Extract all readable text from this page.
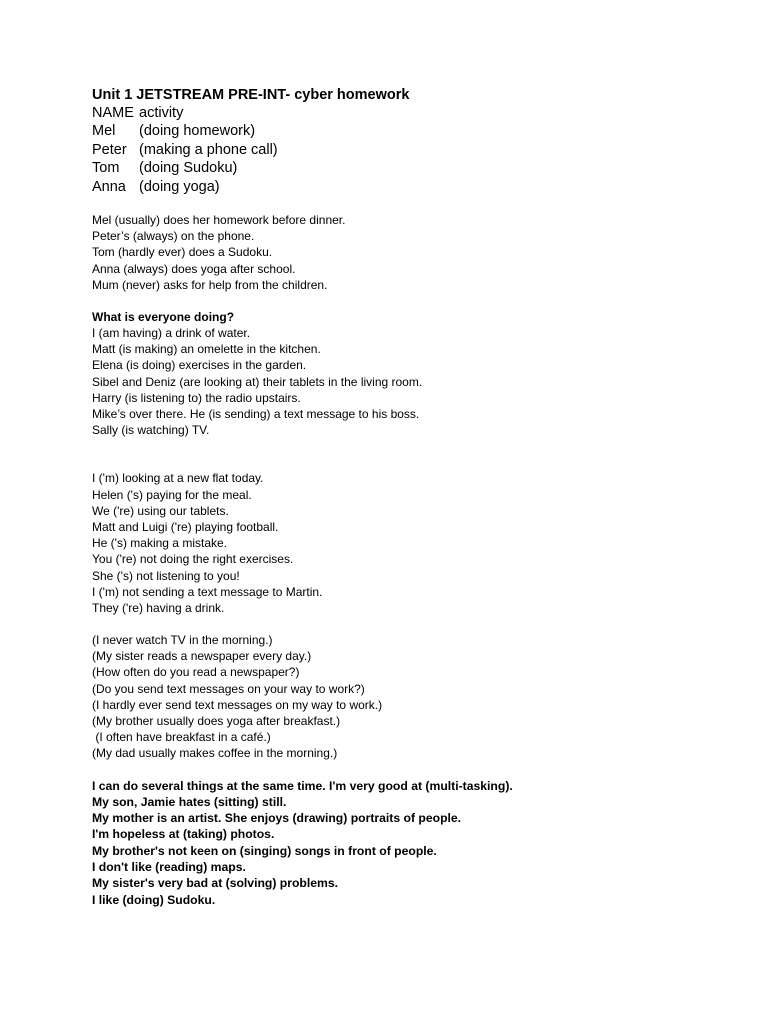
Unit 1 JETSTREAM PRE-INT- cyber homework
NAME activity
Mel (doing homework)
Peter (making a phone call)
Tom (doing Sudoku)
Anna (doing yoga)
Mel (usually) does her homework before dinner.
Peter’s (always) on the phone.
Tom (hardly ever) does a Sudoku.
Anna (always) does yoga after school.
Mum (never) asks for help from the children.
What is everyone doing?
I (am having) a drink of water.
Matt (is making) an omelette in the kitchen.
Elena (is doing) exercises in the garden.
Sibel and Deniz (are looking at) their tablets in the living room.
Harry (is listening to) the radio upstairs.
Mike’s over there. He (is sending) a text message to his boss.
Sally (is watching) TV.
I ('m) looking at a new flat today.
Helen ('s) paying for the meal.
We ('re) using our tablets.
Matt and Luigi ('re) playing football.
He ('s) making a mistake.
You ('re) not doing the right exercises.
She ('s) not listening to you!
I ('m) not sending a text message to Martin.
They ('re) having a drink.
(I never watch TV in the morning.)
(My sister reads a newspaper every day.)
(How often do you read a newspaper?)
(Do you send text messages on your way to work?)
(I hardly ever send text messages on my way to work.)
(My brother usually does yoga after breakfast.)
(I often have breakfast in a café.)
(My dad usually makes coffee in the morning.)
I can do several things at the same time. I'm very good at (multi-tasking).
My son, Jamie hates (sitting) still.
My mother is an artist. She enjoys (drawing) portraits of people.
I'm hopeless at (taking) photos.
My brother's not keen on (singing) songs in front of people.
I don't like (reading) maps.
My sister's very bad at (solving) problems.
I like (doing) Sudoku.
